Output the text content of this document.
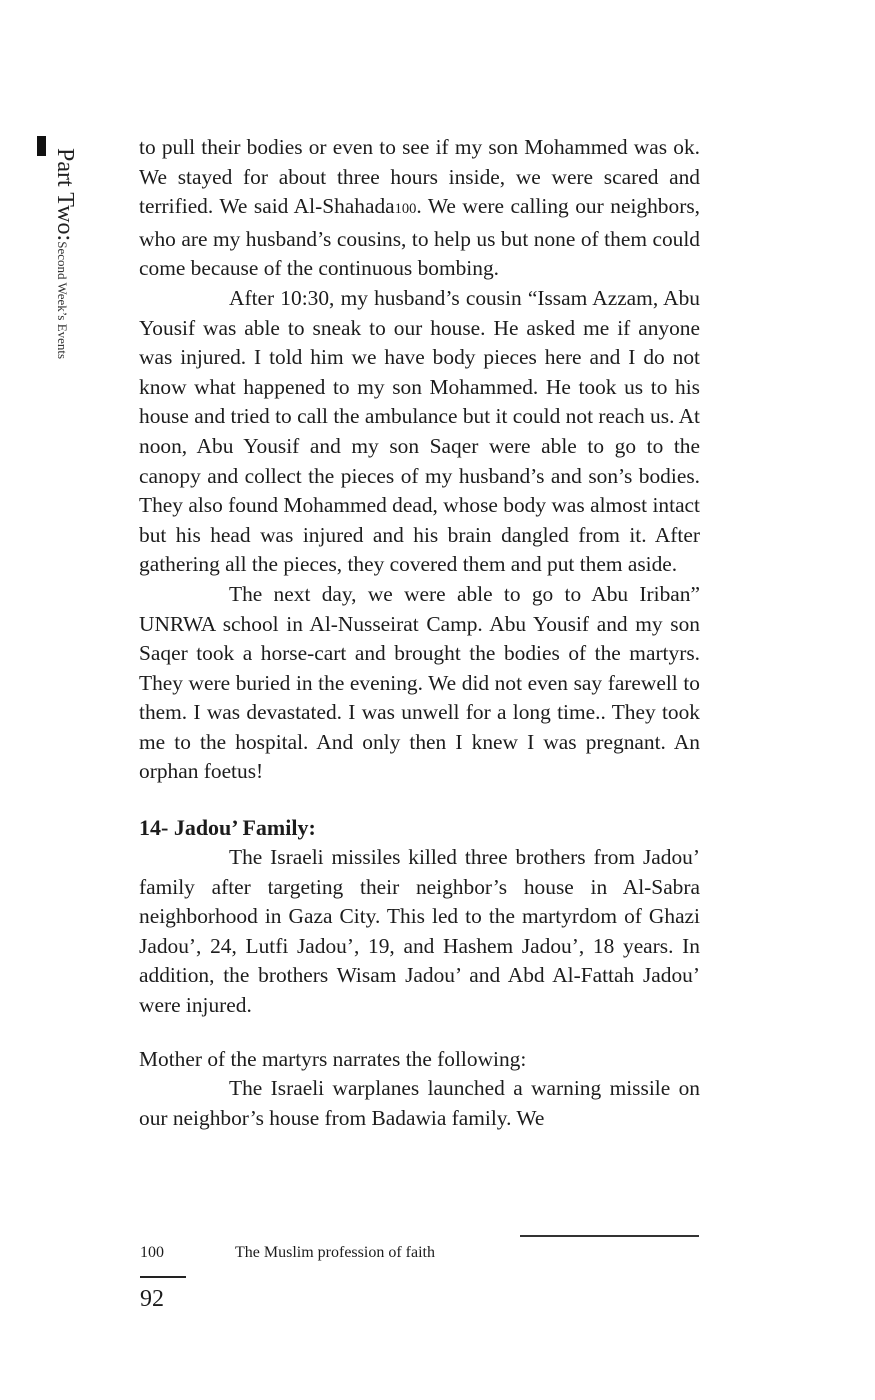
Part Two:
Second Week’s Events

to pull their bodies or even to see if my son Mohammed was ok. We stayed for about three hours inside, we were scared and terrified. We said Al-Shahada100. We were calling our neighbors, who are my husband’s cousins, to help us but none of them could come because of the continuous bombing.

After 10:30, my husband’s cousin “Issam Azzam, Abu Yousif was able to sneak to our house. He asked me if anyone was injured. I told him we have body pieces here and I do not know what happened to my son Mohammed. He took us to his house and tried to call the ambulance but it could not reach us. At noon, Abu Yousif and my son Saqer were able to go to the canopy and collect the pieces of my husband’s and son’s bodies. They also found Mohammed dead, whose body was almost intact but his head was injured and his brain dangled from it. After gathering all the pieces, they covered them and put them aside.

The next day, we were able to go to Abu Iriban” UNRWA school in Al-Nusseirat Camp. Abu Yousif and my son Saqer took a horse-cart and brought the bodies of the martyrs. They were buried in the evening. We did not even say farewell to them. I was devastated. I was unwell for a long time.. They took me to the hospital. And only then I knew I was pregnant. An orphan foetus!

14- Jadou’ Family:

The Israeli missiles killed three brothers from Jadou’ family after targeting their neighbor’s house in Al-Sabra neighborhood in Gaza City. This led to the martyrdom of Ghazi Jadou’, 24, Lutfi Jadou’, 19, and Hashem Jadou’, 18 years. In addition, the brothers Wisam Jadou’ and Abd Al-Fattah Jadou’ were injured.

Mother of the martyrs narrates the following:

The Israeli warplanes launched a warning missile on our neighbor’s house from Badawia family. We

100	The Muslim profession of faith
92
